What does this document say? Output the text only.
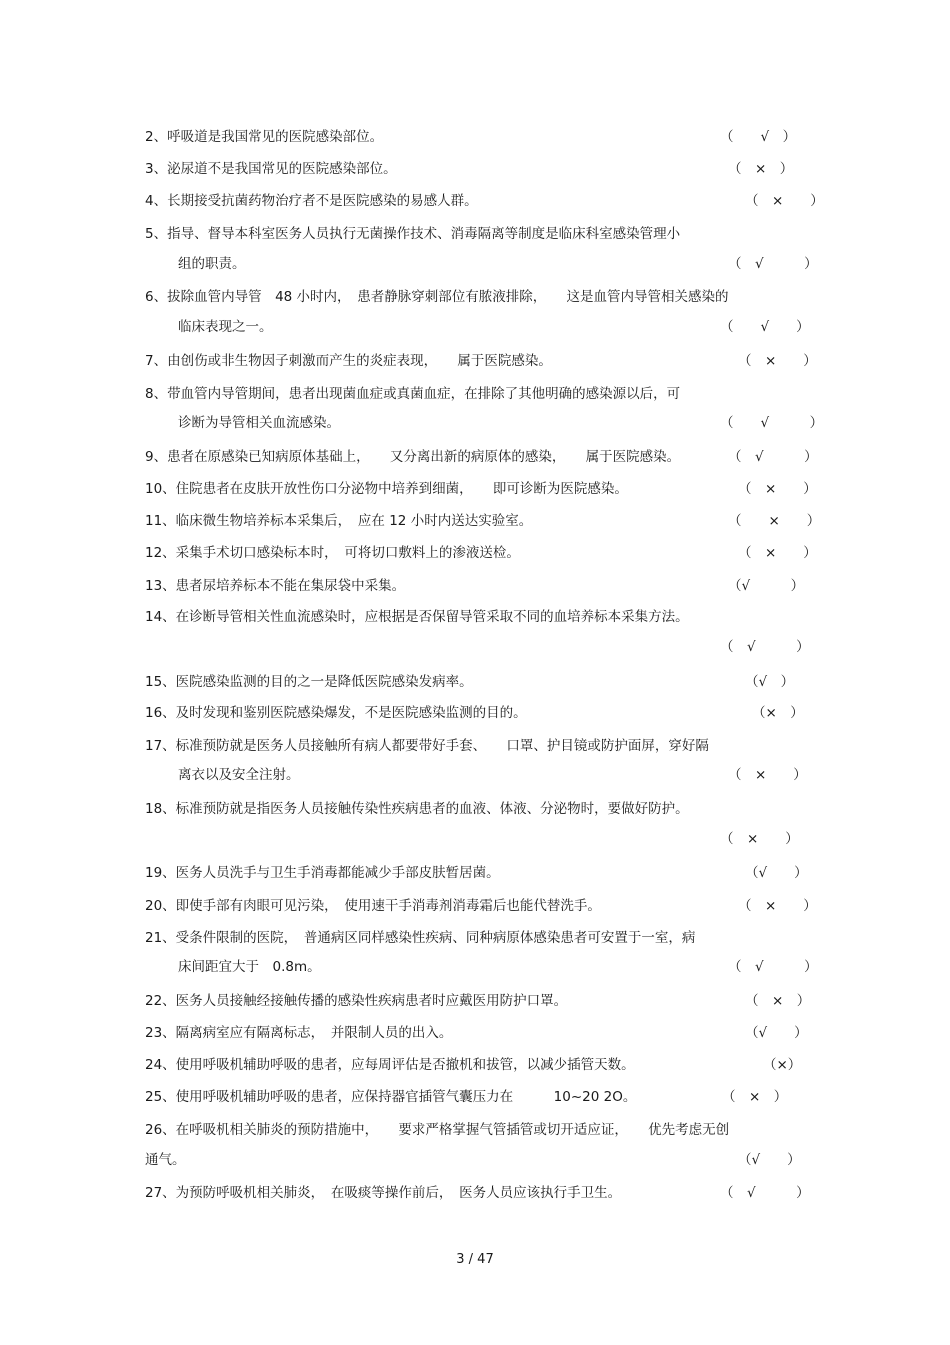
2、呼吸道是我国常见的医院感染部位。	（　　√　）
3、泌尿道不是我国常见的医院感染部位。	（　×　）
4、长期接受抗菌药物治疗者不是医院感染的易感人群。	（　×　　）
5、指导、督导本科室医务人员执行无菌操作技术、消毒隔离等制度是临床科室感染管理小
组的职责。	（　√　　　）
6、拔除血管内导管　48 小时内，　患者静脉穿刺部位有脓液排除，　　这是血管内导管相关感染的
临床表现之一。	（　　√　　）
7、由创伤或非生物因子刺激而产生的炎症表现，　　属于医院感染。	（　×　　）
8、带血管内导管期间，患者出现菌血症或真菌血症，在排除了其他明确的感染源以后，可
诊断为导管相关血流感染。	（　　√　　　）
9、患者在原感染已知病原体基础上，　　又分离出新的病原体的感染，　　属于医院感染。	（　√　　　）
10、住院患者在皮肤开放性伤口分泌物中培养到细菌，　　即可诊断为医院感染。	（　×　　）
11、临床微生物培养标本采集后，　应在 12 小时内送达实验室。	（　　×　　）
12、采集手术切口感染标本时，　可将切口敷料上的渗液送检。	（　×　　）
13、患者尿培养标本不能在集尿袋中采集。	（√　　　）
14、在诊断导管相关性血流感染时，应根据是否保留导管采取不同的血培养标本采集方法。
（　√　　　）
15、医院感染监测的目的之一是降低医院感染发病率。	（√　）
16、及时发现和鉴别医院感染爆发，不是医院感染监测的目的。	（×　）
17、标准预防就是医务人员接触所有病人都要带好手套、　　口罩、护目镜或防护面屏，穿好隔
离衣以及安全注射。	（　×　　）
18、标准预防就是指医务人员接触传染性疾病患者的血液、体液、分泌物时，要做好防护。
（　×　　）
19、医务人员洗手与卫生手消毒都能减少手部皮肤暂居菌。	（√　　）
20、即使手部有肉眼可见污染，　使用速干手消毒剂消毒霜后也能代替洗手。	（　×　　）
21、受条件限制的医院，　普通病区同样感染性疾病、同种病原体感染患者可安置于一室，病
床间距宜大于　0.8m。	（　√　　　）
22、医务人员接触经接触传播的感染性疾病患者时应戴医用防护口罩。	（　×　）
23、隔离病室应有隔离标志，　并限制人员的出入。	（√　　）
24、使用呼吸机辅助呼吸的患者，应每周评估是否撤机和拔管，以减少插管天数。	（×）
25、使用呼吸机辅助呼吸的患者，应保持器官插管气囊压力在　　　10~20 2O。	（　×　）
26、在呼吸机相关肺炎的预防措施中，　　要求严格掌握气管插管或切开适应证，　　优先考虑无创
通气。	（√　　）
27、为预防呼吸机相关肺炎，　在吸痰等操作前后，　医务人员应该执行手卫生。	（　√　　　）
3 / 47
